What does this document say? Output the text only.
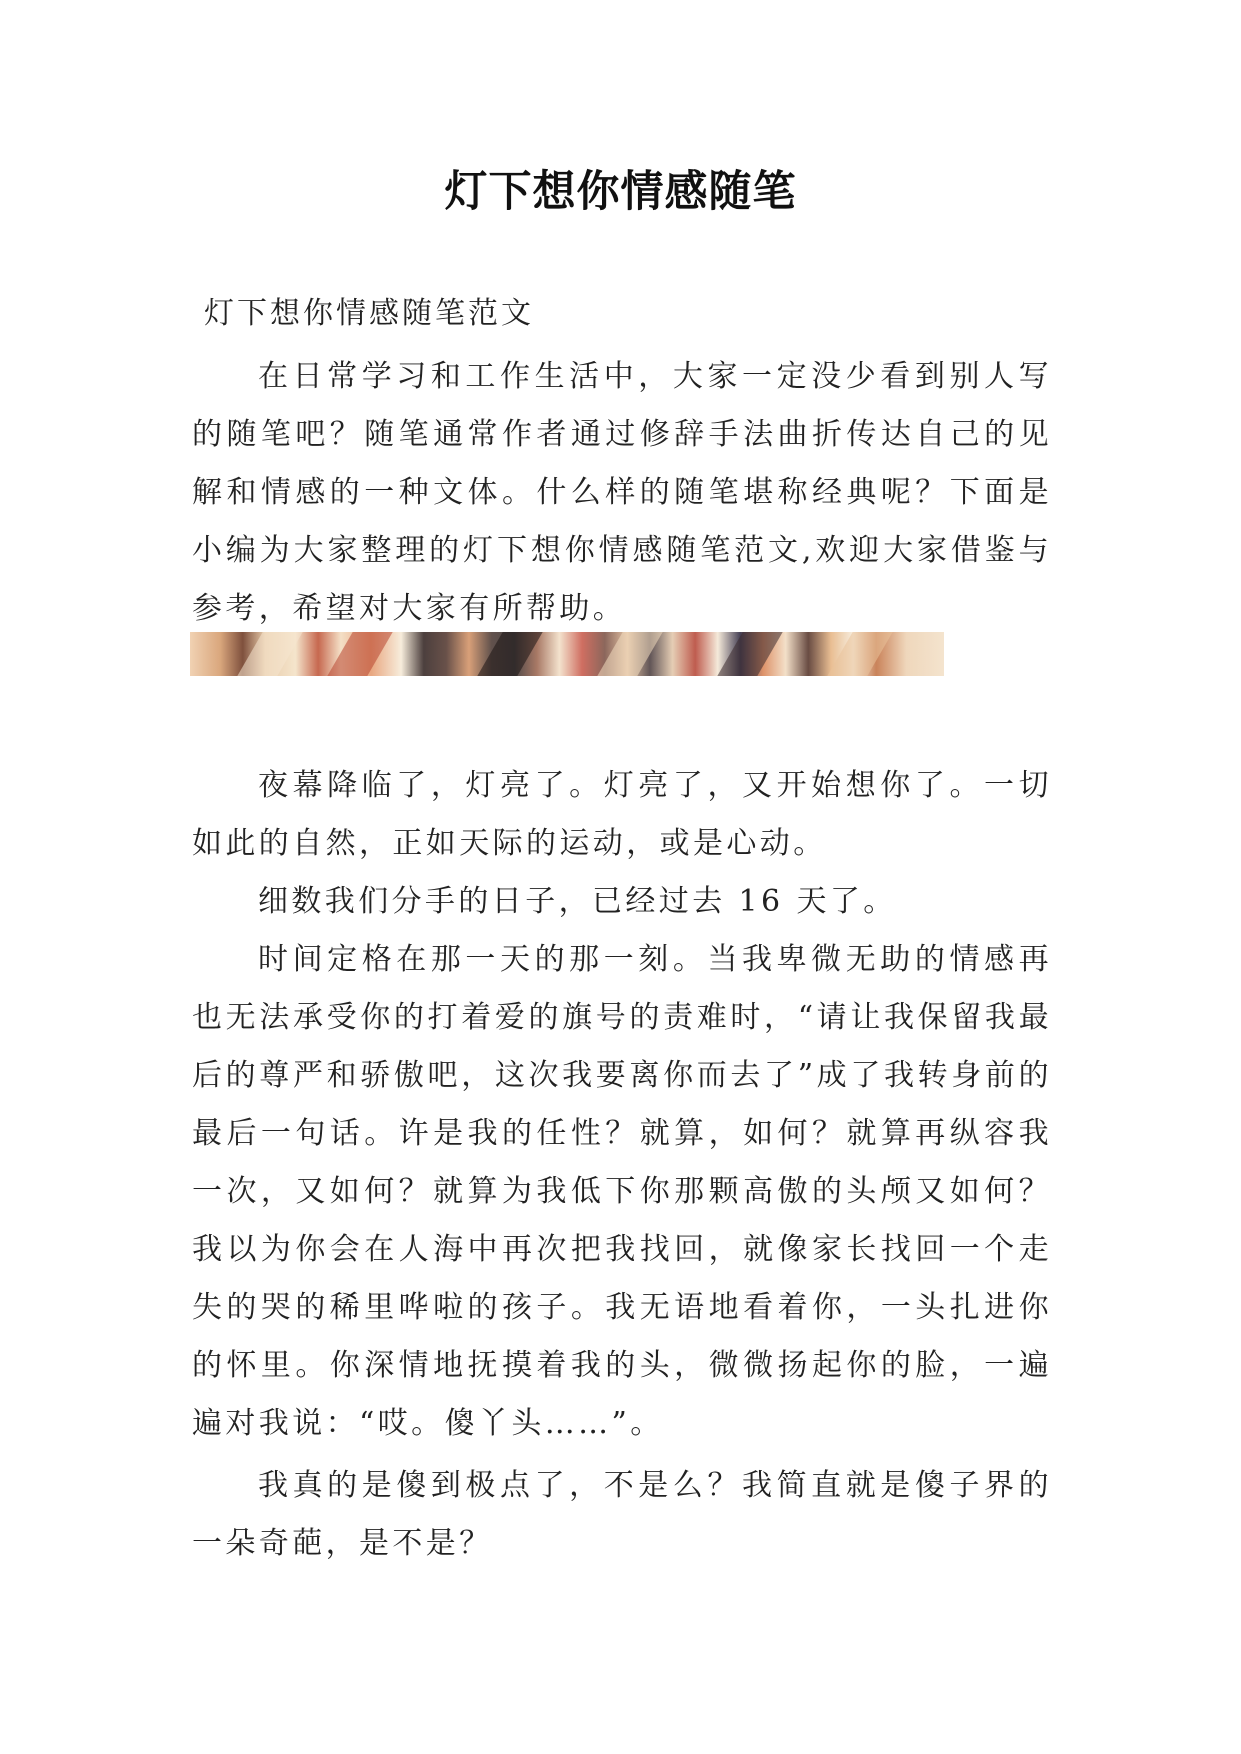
灯下想你情感随笔
灯下想你情感随笔范文

在日常学习和工作生活中，大家一定没少看到别人写的随笔吧？随笔通常作者通过修辞手法曲折传达自己的见解和情感的一种文体。什么样的随笔堪称经典呢？下面是小编为大家整理的灯下想你情感随笔范文,欢迎大家借鉴与参考，希望对大家有所帮助。

夜幕降临了，灯亮了。灯亮了，又开始想你了。一切如此的自然，正如天际的运动，或是心动。

细数我们分手的日子，已经过去 16 天了。

时间定格在那一天的那一刻。当我卑微无助的情感再也无法承受你的打着爱的旗号的责难时，“请让我保留我最后的尊严和骄傲吧，这次我要离你而去了”成了我转身前的最后一句话。许是我的任性？就算，如何？就算再纵容我一次，又如何？就算为我低下你那颗高傲的头颅又如何？我以为你会在人海中再次把我找回，就像家长找回一个走失的哭的稀里哗啦的孩子。我无语地看着你，一头扎进你的怀里。你深情地抚摸着我的头，微微扬起你的脸，一遍遍对我说：“哎。傻丫头……”。

我真的是傻到极点了，不是么？我简直就是傻子界的一朵奇葩，是不是？
